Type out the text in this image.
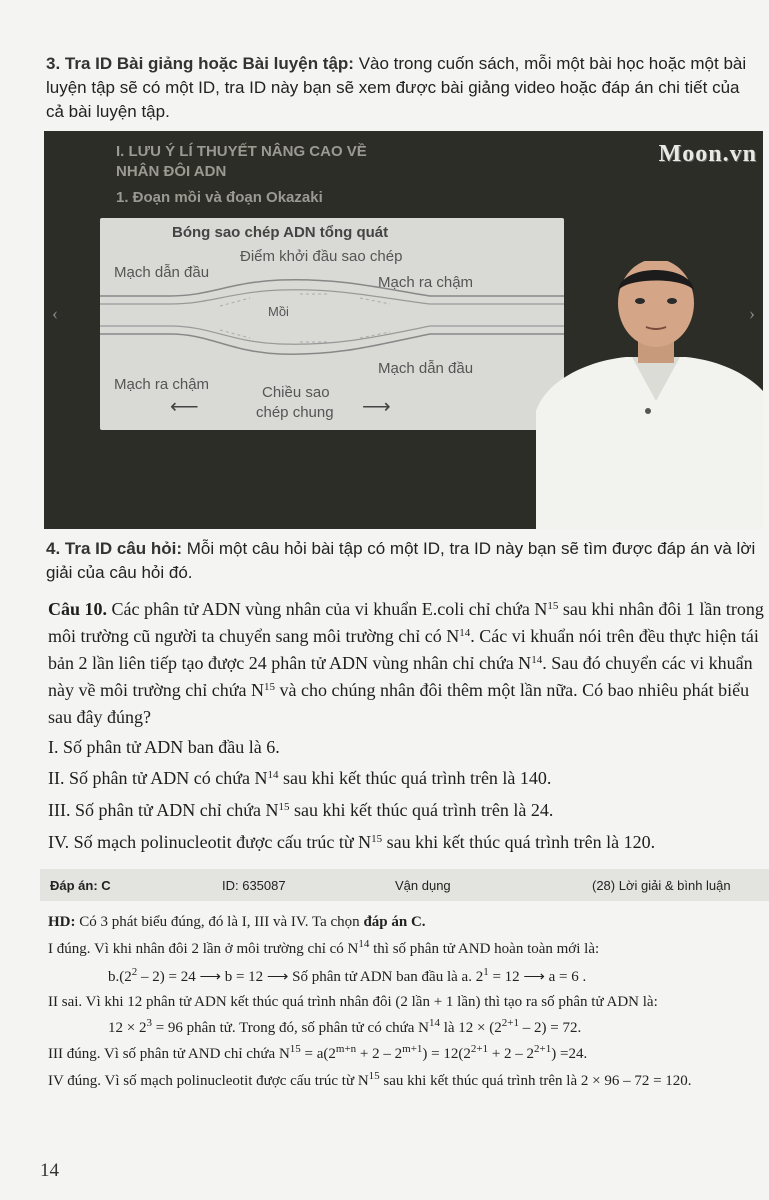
3. Tra ID Bài giảng hoặc Bài luyện tập: Vào trong cuốn sách, mỗi một bài học hoặc một bài luyện tập sẽ có một ID, tra ID này bạn sẽ xem được bài giảng video hoặc đáp án chi tiết của cả bài luyện tập.
I. LƯU Ý LÍ THUYẾT NÂNG CAO VỀ
NHÂN ĐÔI ADN
1. Đoạn mồi và đoạn Okazaki
Moon.vn
‹	›
Bóng sao chép ADN tổng quát
Điểm khởi đầu sao chép
Mạch dẫn đầu
Mạch ra chậm
Mồi
Mạch dẫn đầu
Mạch ra chậm	Chiều sao
chép chung
⟵	⟶
4. Tra ID câu hỏi: Mỗi một câu hỏi bài tập có một ID, tra ID này bạn sẽ tìm được đáp án và lời giải của câu hỏi đó.
Câu 10. Các phân tử ADN vùng nhân của vi khuẩn E.coli chỉ chứa $N^{15}$ sau khi nhân đôi 1 lần trong môi trường cũ người ta chuyển sang môi trường chỉ có $N^{14}$. Các vi khuẩn nói trên đều thực hiện tái bản 2 lần liên tiếp tạo được 24 phân tử ADN vùng nhân chỉ chứa $N^{14}$. Sau đó chuyển các vi khuẩn này về môi trường chỉ chứa $N^{15}$ và cho chúng nhân đôi thêm một lần nữa. Có bao nhiêu phát biểu sau đây đúng?
I. Số phân tử ADN ban đầu là 6.
II. Số phân tử ADN có chứa $N^{14}$ sau khi kết thúc quá trình trên là 140.
III. Số phân tử ADN chỉ chứa $N^{15}$ sau khi kết thúc quá trình trên là 24.
IV. Số mạch polinucleotit được cấu trúc từ $N^{15}$ sau khi kết thúc quá trình trên là 120.
Đáp án: C	ID: 635087	Vận dụng	(28) Lời giải & bình luận
HD: Có 3 phát biểu đúng, đó là I, III và IV. Ta chọn đáp án C.
I đúng. Vì khi nhân đôi 2 lần ở môi trường chỉ có $N^{14}$ thì số phân tử AND hoàn toàn mới là:
$b.(2^2 - 2) = 24$ ⟶ b = 12 ⟶ Số phân tử ADN ban đầu là a. $2^1 = 12$ ⟶ a = 6 .
II sai. Vì khi 12 phân tử ADN kết thúc quá trình nhân đôi (2 lần + 1 lần) thì tạo ra số phân tử ADN là:
$12 \times 2^3 = 96$ phân tử. Trong đó, số phân tử có chứa $N^{14}$ là $12 \times (2^{2+1} - 2) = 72$.
III đúng. Vì số phân tử AND chỉ chứa $N^{15} = a(2^{m+n} + 2 - 2^{m+1}) = 12(2^{2+1} + 2 - 2^{2+1}) =24$.
IV đúng. Vì số mạch polinucleotit được cấu trúc từ $N^{15}$ sau khi kết thúc quá trình trên là 2 × 96 – 72 = 120.
14
